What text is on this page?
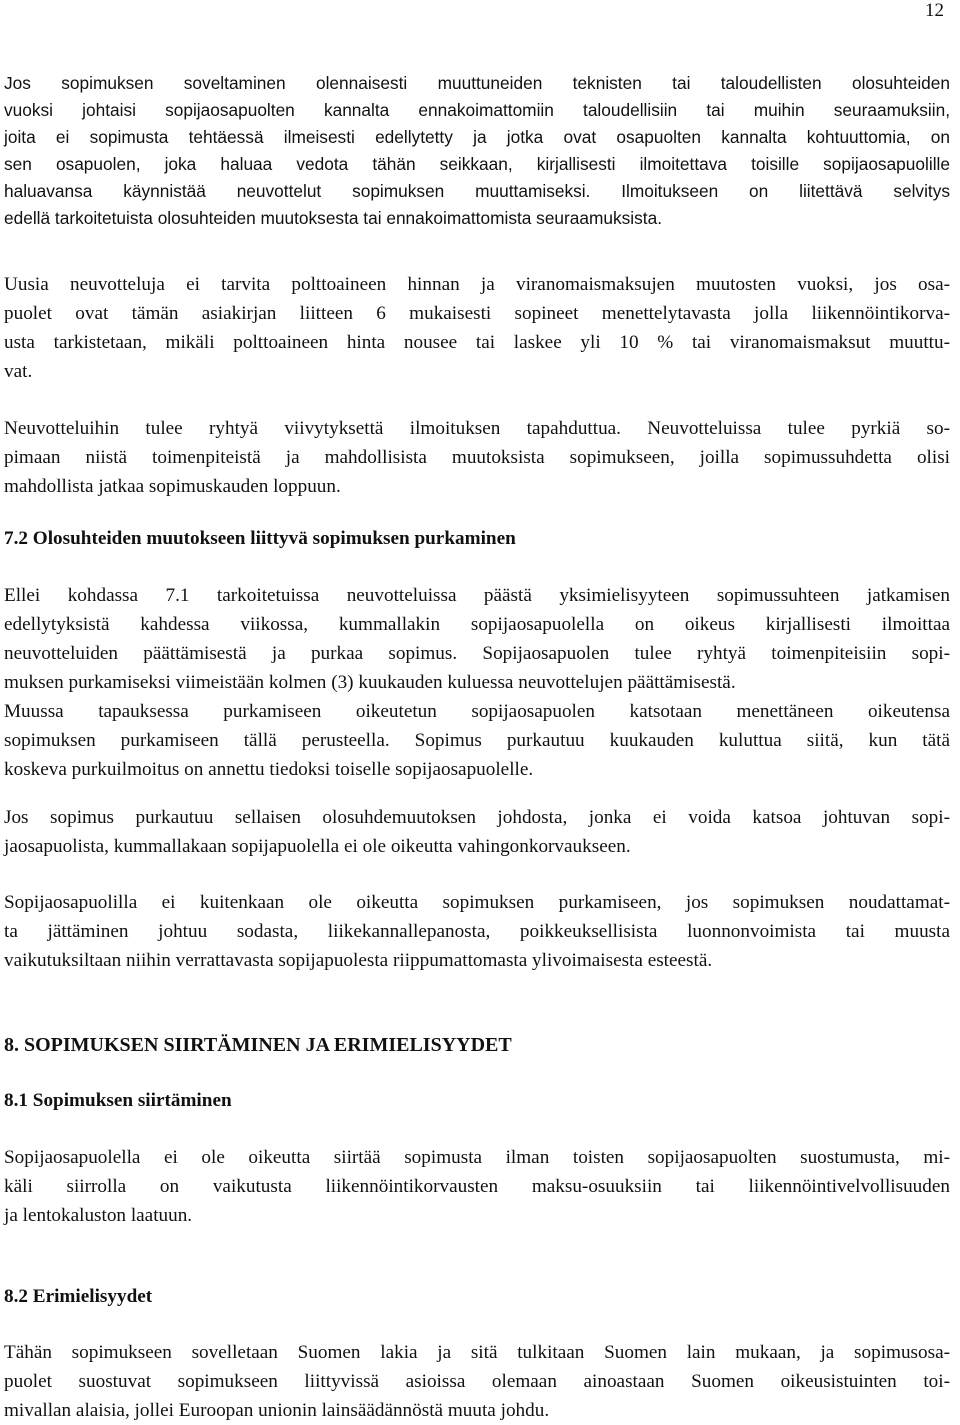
12

Jos sopimuksen soveltaminen olennaisesti muuttuneiden teknisten tai taloudellisten olosuhteiden
vuoksi johtaisi sopijaosapuolten kannalta ennakoimattomiin taloudellisiin tai muihin seuraamuksiin,
joita ei sopimusta tehtäessä ilmeisesti edellytetty ja jotka ovat osapuolten kannalta kohtuuttomia, on
sen osapuolen, joka haluaa vedota tähän seikkaan, kirjallisesti ilmoitettava toisille sopijaosapuolille
haluavansa käynnistää neuvottelut sopimuksen muuttamiseksi. Ilmoitukseen on liitettävä selvitys
edellä tarkoitetuista olosuhteiden muutoksesta tai ennakoimattomista seuraamuksista.

Uusia neuvotteluja ei tarvita polttoaineen hinnan ja viranomaismaksujen muutosten vuoksi, jos osa-
puolet ovat tämän asiakirjan liitteen 6 mukaisesti sopineet menettelytavasta jolla liikennöintikorva-
usta tarkistetaan, mikäli polttoaineen hinta nousee tai laskee yli 10 % tai viranomaismaksut muuttu-
vat.

Neuvotteluihin tulee ryhtyä viivytyksettä ilmoituksen tapahduttua. Neuvotteluissa tulee pyrkiä so-
pimaan niistä toimenpiteistä ja mahdollisista muutoksista sopimukseen, joilla sopimussuhdetta olisi
mahdollista jatkaa sopimuskauden loppuun.

7.2 Olosuhteiden muutokseen liittyvä sopimuksen purkaminen

Ellei kohdassa 7.1 tarkoitetuissa neuvotteluissa päästä yksimielisyyteen sopimussuhteen jatkamisen
edellytyksistä kahdessa viikossa, kummallakin sopijaosapuolella on oikeus kirjallisesti ilmoittaa
neuvotteluiden päättämisestä ja purkaa sopimus. Sopijaosapuolen tulee ryhtyä toimenpiteisiin sopi-
muksen purkamiseksi viimeistään kolmen (3) kuukauden kuluessa neuvottelujen päättämisestä.
Muussa tapauksessa purkamiseen oikeutetun sopijaosapuolen katsotaan menettäneen oikeutensa
sopimuksen purkamiseen tällä perusteella. Sopimus purkautuu kuukauden kuluttua siitä, kun tätä
koskeva purkuilmoitus on annettu tiedoksi toiselle sopijaosapuolelle.

Jos sopimus purkautuu sellaisen olosuhdemuutoksen johdosta, jonka ei voida katsoa johtuvan sopi-
jaosapuolista, kummallakaan sopijapuolella ei ole oikeutta vahingonkorvaukseen.

Sopijaosapuolilla ei kuitenkaan ole oikeutta sopimuksen purkamiseen, jos sopimuksen noudattamat-
ta jättäminen johtuu sodasta, liikekannallepanosta, poikkeuksellisista luonnonvoimista tai muusta
vaikutuksiltaan niihin verrattavasta sopijapuolesta riippumattomasta ylivoimaisesta esteestä.

8. SOPIMUKSEN SIIRTÄMINEN JA ERIMIELISYYDET
8.1 Sopimuksen siirtäminen

Sopijaosapuolella ei ole oikeutta siirtää sopimusta ilman toisten sopijaosapuolten suostumusta, mi-
käli siirrolla on vaikutusta liikennöintikorvausten maksu-osuuksiin tai liikennöintivelvollisuuden
ja lentokaluston laatuun.

8.2 Erimielisyydet

Tähän sopimukseen sovelletaan Suomen lakia ja sitä tulkitaan Suomen lain mukaan, ja sopimusosa-
puolet suostuvat sopimukseen liittyvissä asioissa olemaan ainoastaan Suomen oikeusistuinten toi-
mivallan alaisia, jollei Euroopan unionin lainsäädännöstä muuta johdu.
